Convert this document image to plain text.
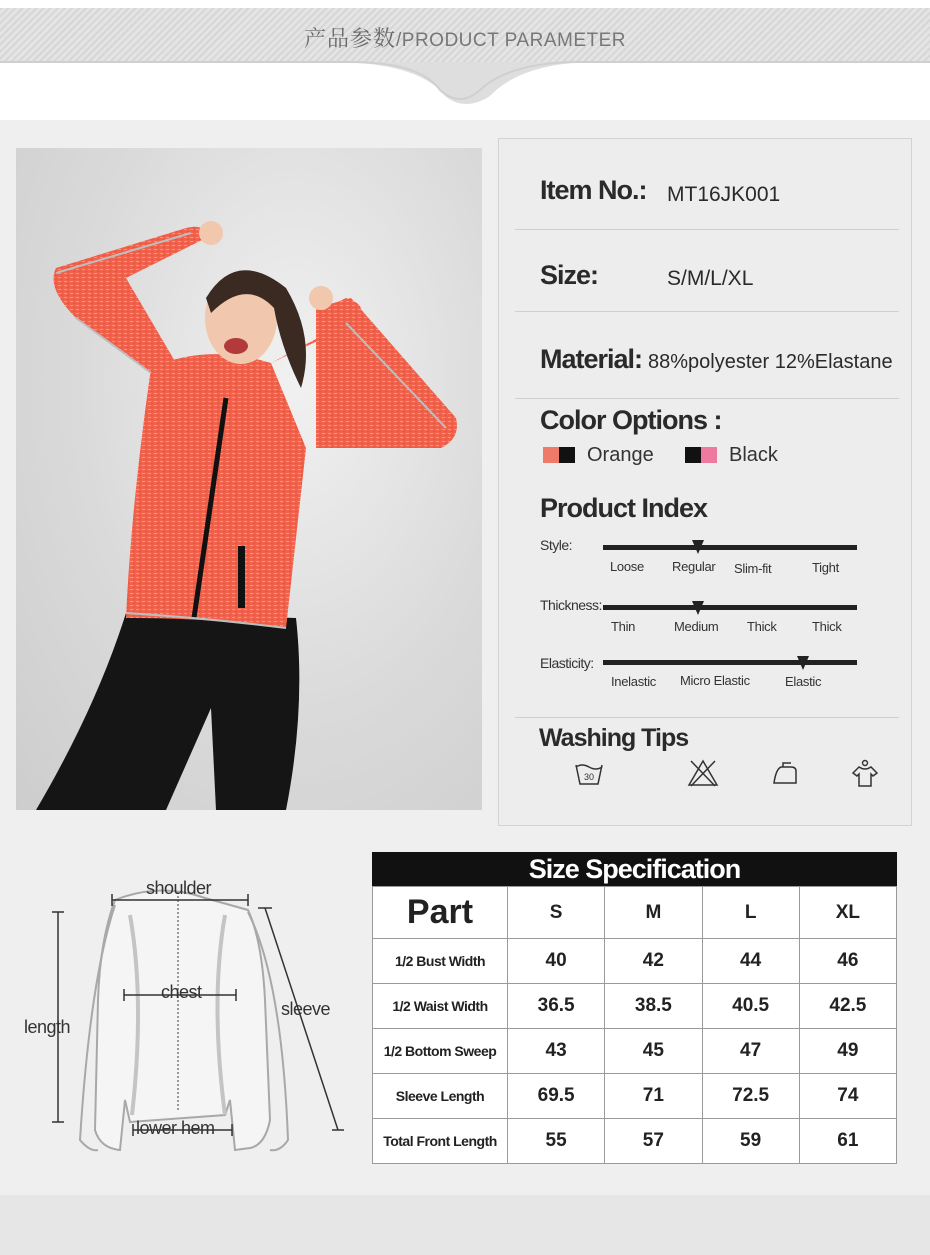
产品参数/PRODUCT PARAMETER
Item No.: MT16JK001
Size:	S/M/L/XL
Material: 88%polyester 12%Elastane
Color Options :
Orange	Black
Product Index
Style:
Loose Regular Slim-fit	Tight
Thickness:
Thin	Medium Thick	Thick
Elasticity:
Inelastic Micro Elastic	Elastic
Washing Tips
30
shoulder
chest
sleeve
length
lower hem
Size Specification
Part	S	M	L	XL
1/2 Bust Width	40	42	44	46
1/2 Waist Width	36.5	38.5	40.5	42.5
1/2 Bottom Sweep	43	45	47	49
Sleeve Length	69.5	71	72.5	74
Total Front Length	55	57	59	61
